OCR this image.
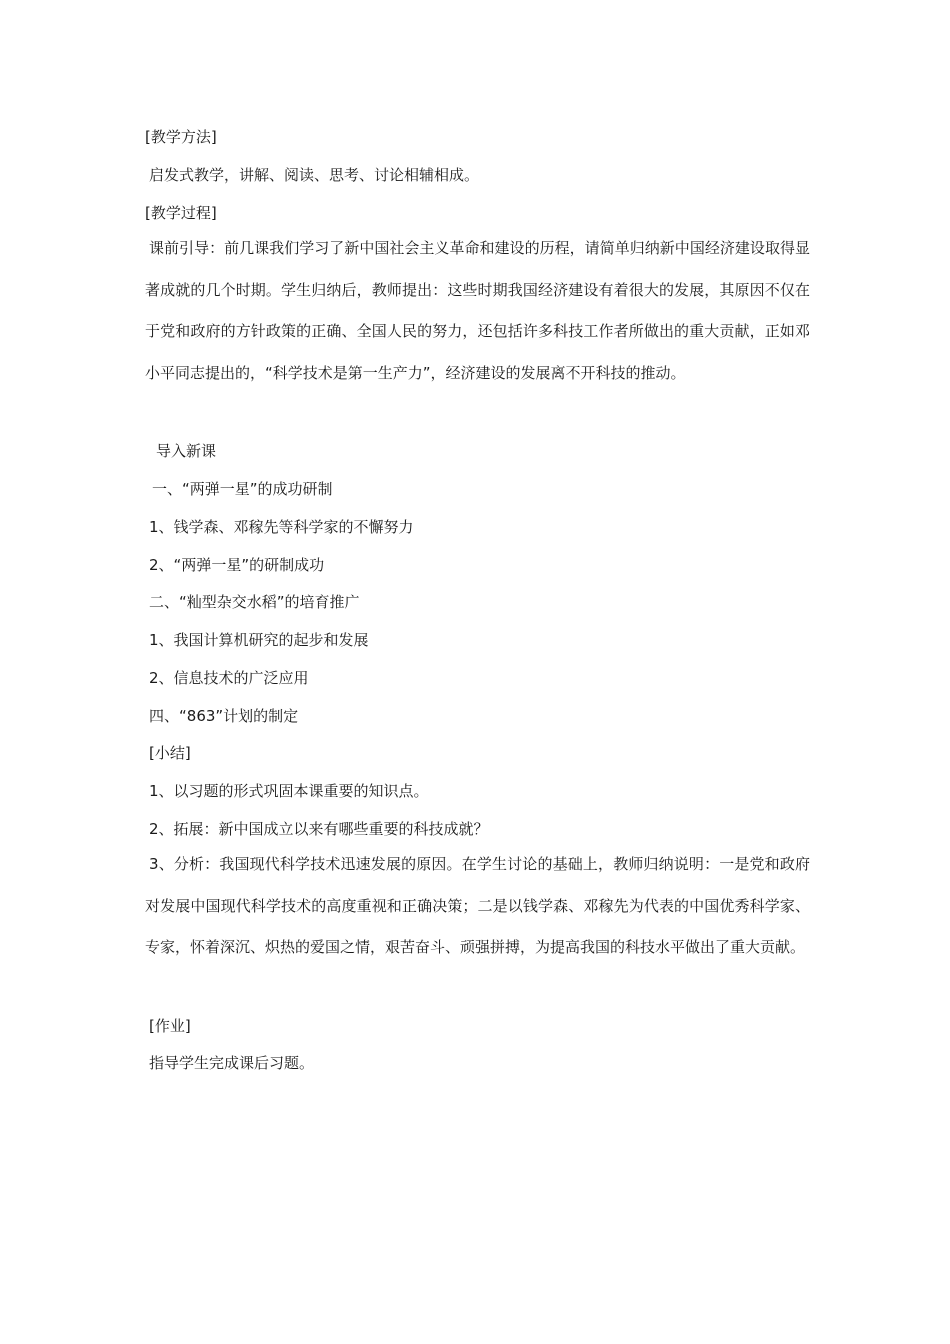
[教学方法]
启发式教学，讲解、阅读、思考、讨论相辅相成。
[教学过程]
课前引导：前几课我们学习了新中国社会主义革命和建设的历程，请简单归纳新中国经济建设取得显著成就的几个时期。学生归纳后，教师提出：这些时期我国经济建设有着很大的发展，其原因不仅在于党和政府的方针政策的正确、全国人民的努力，还包括许多科技工作者所做出的重大贡献，正如邓小平同志提出的，“科学技术是第一生产力”，经济建设的发展离不开科技的推动。
导入新课
一、“两弹一星”的成功研制
1、钱学森、邓稼先等科学家的不懈努力
2、“两弹一星”的研制成功
二、“籼型杂交水稻”的培育推广
1、我国计算机研究的起步和发展
2、信息技术的广泛应用
四、“863”计划的制定
[小结]
1、以习题的形式巩固本课重要的知识点。
2、拓展：新中国成立以来有哪些重要的科技成就？
3、分析：我国现代科学技术迅速发展的原因。在学生讨论的基础上，教师归纳说明：一是党和政府对发展中国现代科学技术的高度重视和正确决策；二是以钱学森、邓稼先为代表的中国优秀科学家、专家，怀着深沉、炽热的爱国之情，艰苦奋斗、顽强拼搏，为提高我国的科技水平做出了重大贡献。
[作业]
指导学生完成课后习题。
